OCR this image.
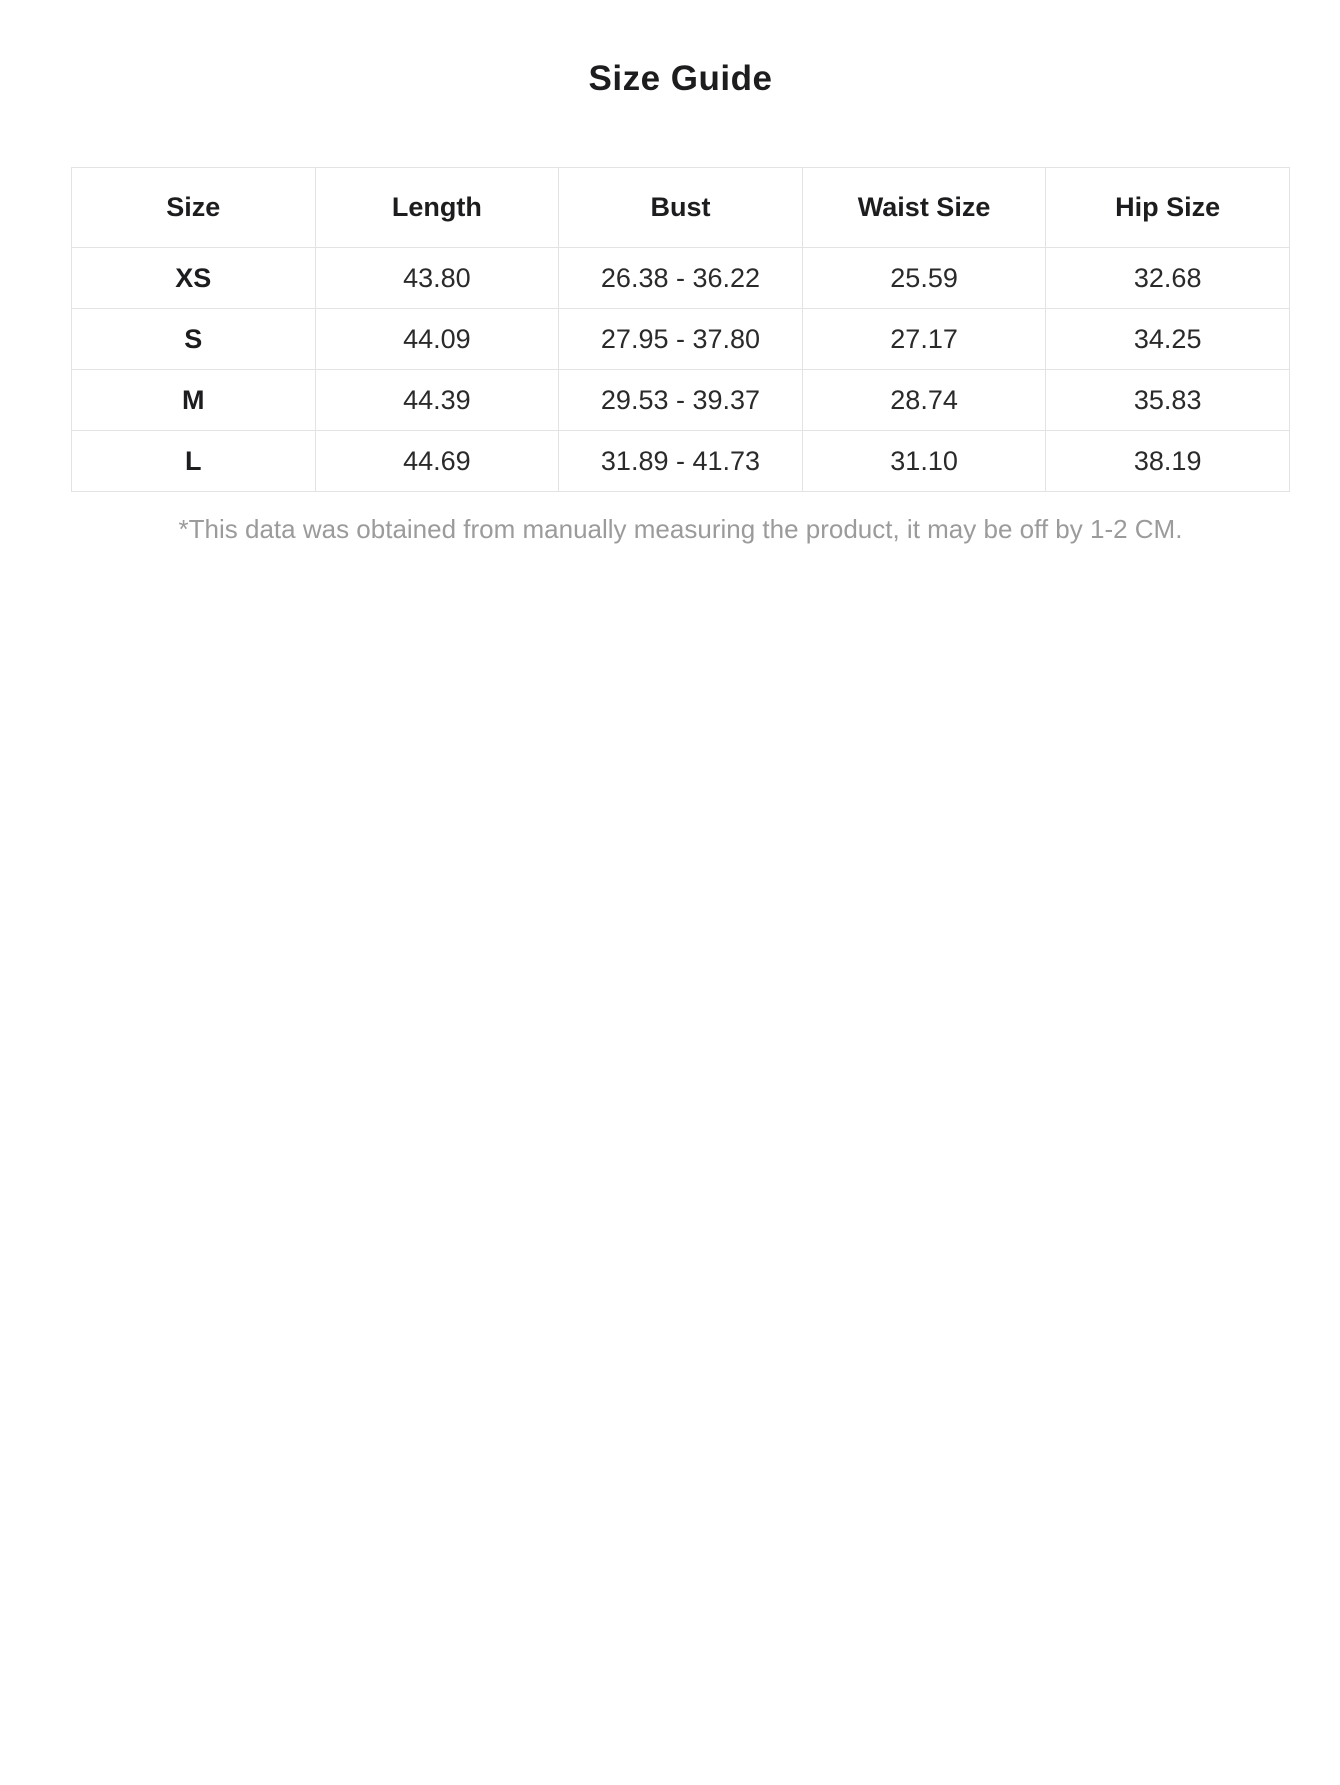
Size Guide
Size	Length	Bust	Waist Size	Hip Size
XS	43.80	26.38 - 36.22	25.59	32.68
S	44.09	27.95 - 37.80	27.17	34.25
M	44.39	29.53 - 39.37	28.74	35.83
L	44.69	31.89 - 41.73	31.10	38.19

*This data was obtained from manually measuring the product, it may be off by 1-2 CM.
